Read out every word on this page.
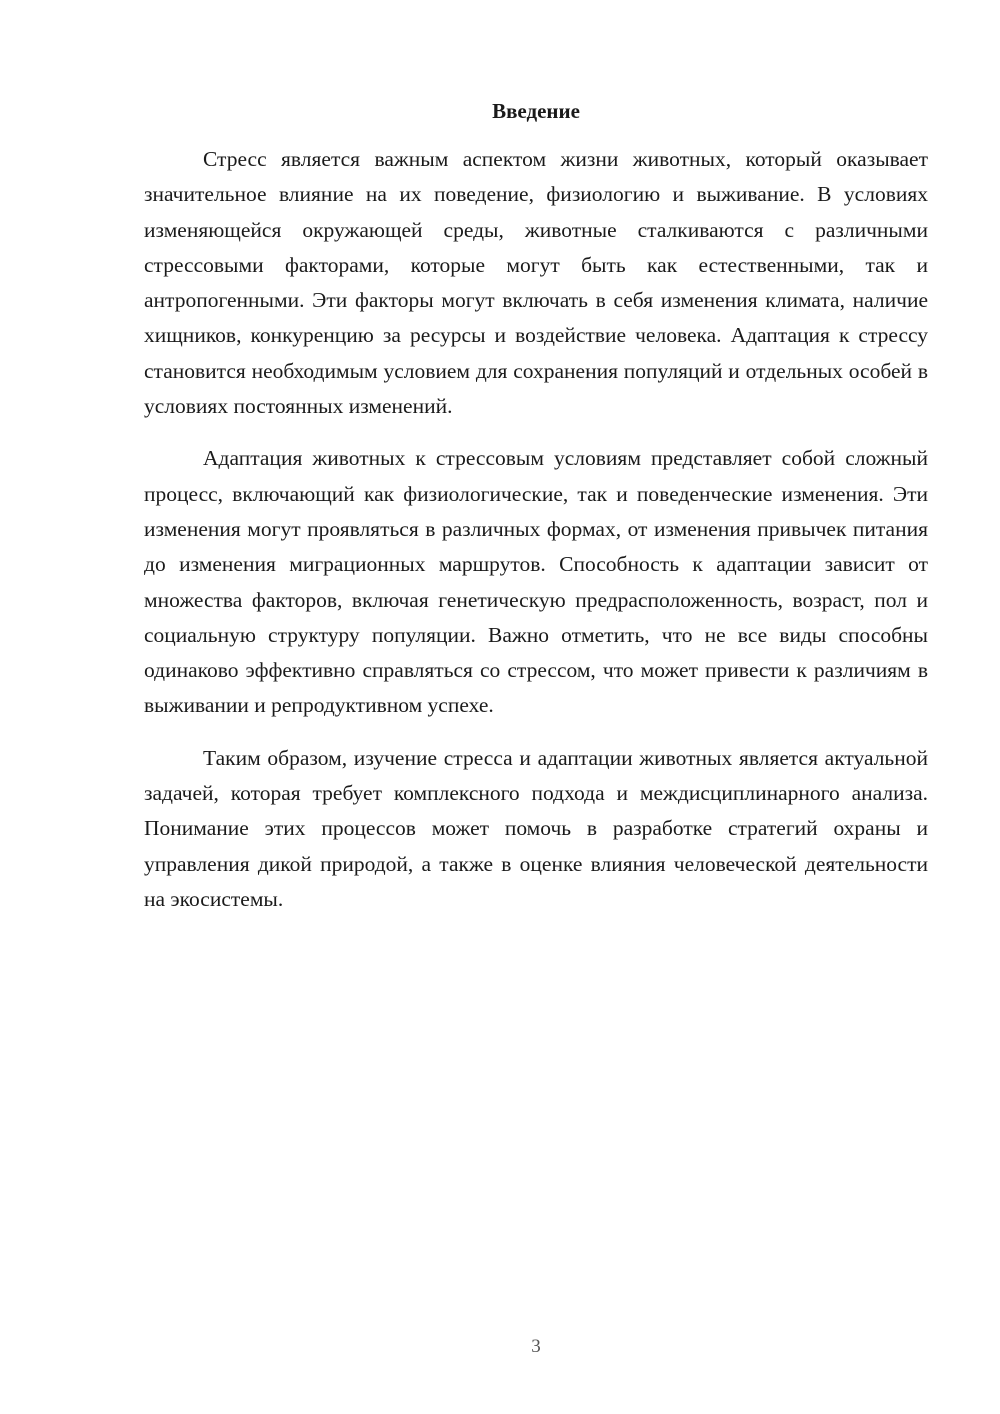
Введение

Стресс является важным аспектом жизни животных, который оказывает значительное влияние на их поведение, физиологию и выживание. В условиях изменяющейся окружающей среды, животные сталкиваются с различными стрессовыми факторами, которые могут быть как естественными, так и антропогенными. Эти факторы могут включать в себя изменения климата, наличие хищников, конкуренцию за ресурсы и воздействие человека. Адаптация к стрессу становится необходимым условием для сохранения популяций и отдельных особей в условиях постоянных изменений.

Адаптация животных к стрессовым условиям представляет собой сложный процесс, включающий как физиологические, так и поведенческие изменения. Эти изменения могут проявляться в различных формах, от изменения привычек питания до изменения миграционных маршрутов. Способность к адаптации зависит от множества факторов, включая генетическую предрасположенность, возраст, пол и социальную структуру популяции. Важно отметить, что не все виды способны одинаково эффективно справляться со стрессом, что может привести к различиям в выживании и репродуктивном успехе.

Таким образом, изучение стресса и адаптации животных является актуальной задачей, которая требует комплексного подхода и междисциплинарного анализа. Понимание этих процессов может помочь в разработке стратегий охраны и управления дикой природой, а также в оценке влияния человеческой деятельности на экосистемы.

3
